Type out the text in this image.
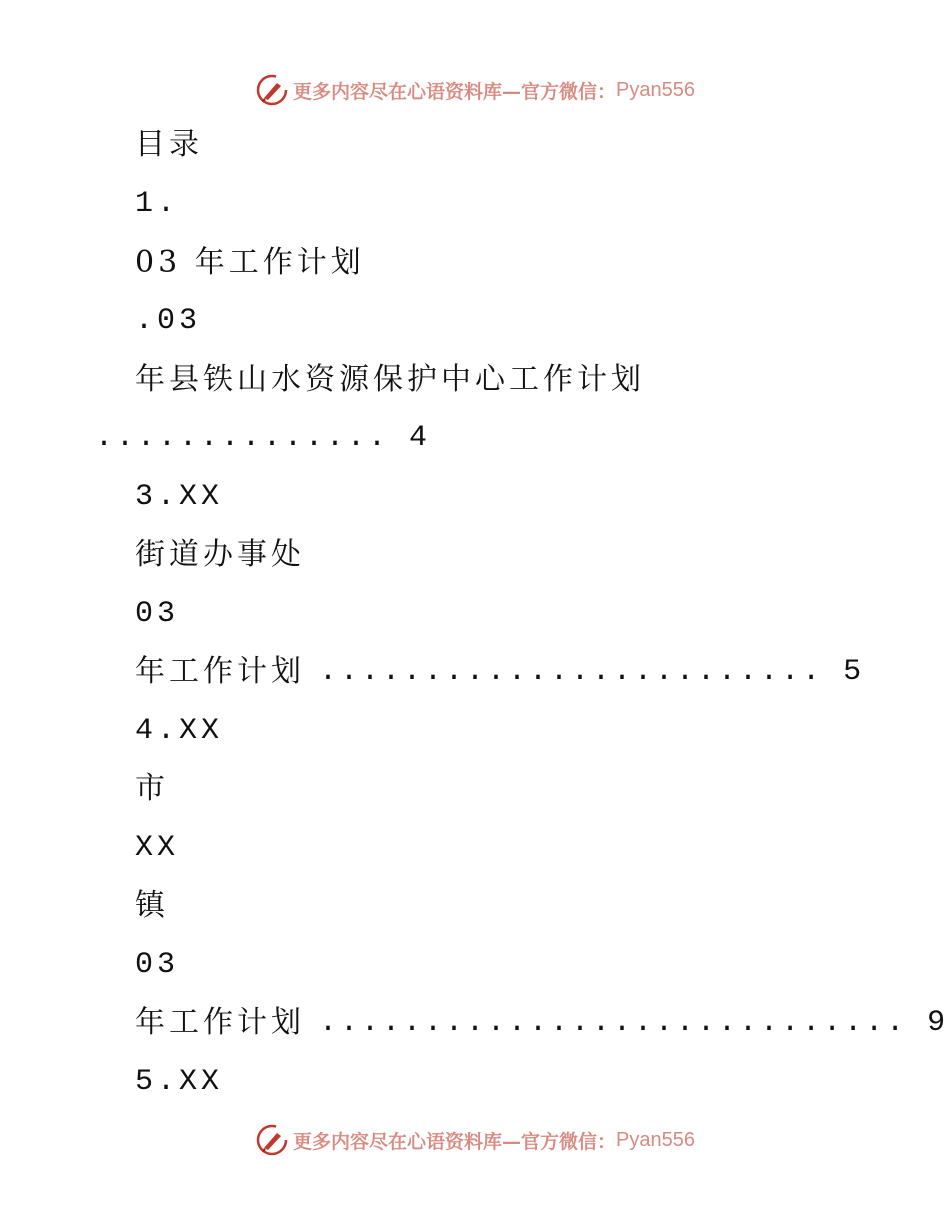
更多内容尽在心语资料库—官方微信： Pyan556
目录
1.
03 年工作计划
.03
年县铁山水资源保护中心工作计划
.............. 4
3.XX
街道办事处
03
年工作计划 ........................ 5
4.XX
市
XX
镇
03
年工作计划 ............................ 9
5.XX
更多内容尽在心语资料库—官方微信： Pyan556
